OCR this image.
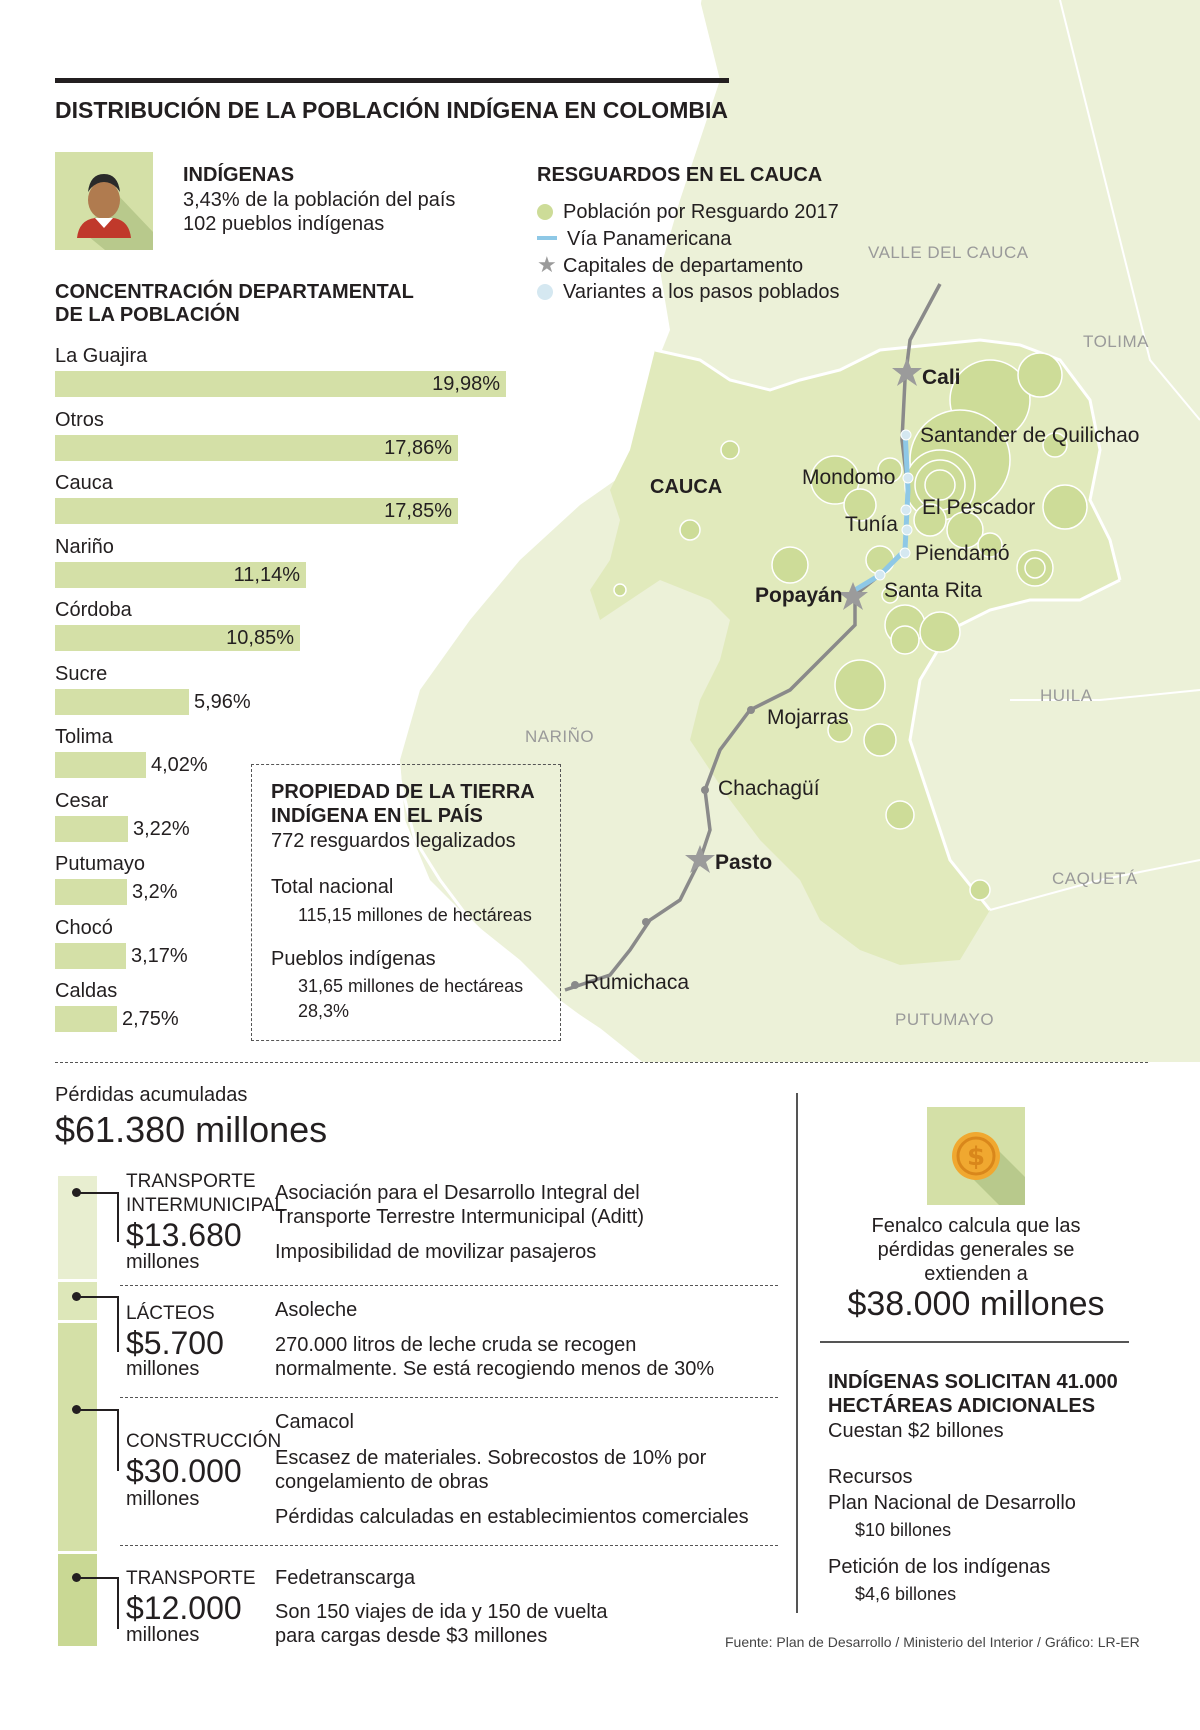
DISTRIBUCIÓN DE LA POBLACIÓN INDÍGENA EN COLOMBIA
INDÍGENAS
3,43% de la población del país
102 pueblos indígenas
RESGUARDOS EN EL CAUCA
Población por Resguardo 2017
Vía Panamericana
★ Capitales de departamento
Variantes a los pasos poblados
VALLE DEL CAUCA
TOLIMA
HUILA
CAQUETÁ
PUTUMAYO
NARIÑO
CAUCA
Cali
Santander de Quilichao
Mondomo
El Pescador
Tunía
Piendamó
Popayán Santa Rita
Mojarras
Chachagüí
Pasto
Rumichaca
CONCENTRACIÓN DEPARTAMENTAL
DE LA POBLACIÓN
La Guajira
19,98%
Otros
17,86%
Cauca
17,85%
Nariño
11,14%
Córdoba
10,85%
Sucre
5,96%
Tolima
4,02%
Cesar
3,22%
Putumayo
3,2%
Chocó
3,17%
Caldas
2,75%
PROPIEDAD DE LA TIERRA
INDÍGENA EN EL PAÍS
772 resguardos legalizados
Total nacional
115,15 millones de hectáreas
Pueblos indígenas
31,65 millones de hectáreas
28,3%
Pérdidas acumuladas
$61.380 millones
TRANSPORTE
INTERMUNICIPAL
$13.680
millones
Asociación para el Desarrollo Integral del
Transporte Terrestre Intermunicipal (Aditt)
Imposibilidad de movilizar pasajeros
LÁCTEOS
$5.700
millones
Asoleche
270.000 litros de leche cruda se recogen
normalmente. Se está recogiendo menos de 30%
CONSTRUCCIÓN
$30.000
millones
Camacol
Escasez de materiales. Sobrecostos de 10% por
congelamiento de obras
Pérdidas calculadas en establecimientos comerciales
TRANSPORTE
$12.000
millones
Fedetranscarga
Son 150 viajes de ida y 150 de vuelta
para cargas desde $3 millones
$
Fenalco calcula que las
pérdidas generales se
extienden a
$38.000 millones
INDÍGENAS SOLICITAN 41.000
HECTÁREAS ADICIONALES
Cuestan $2 billones
Recursos
Plan Nacional de Desarrollo
$10 billones
Petición de los indígenas
$4,6 billones
Fuente: Plan de Desarrollo / Ministerio del Interior / Gráfico: LR-ER
